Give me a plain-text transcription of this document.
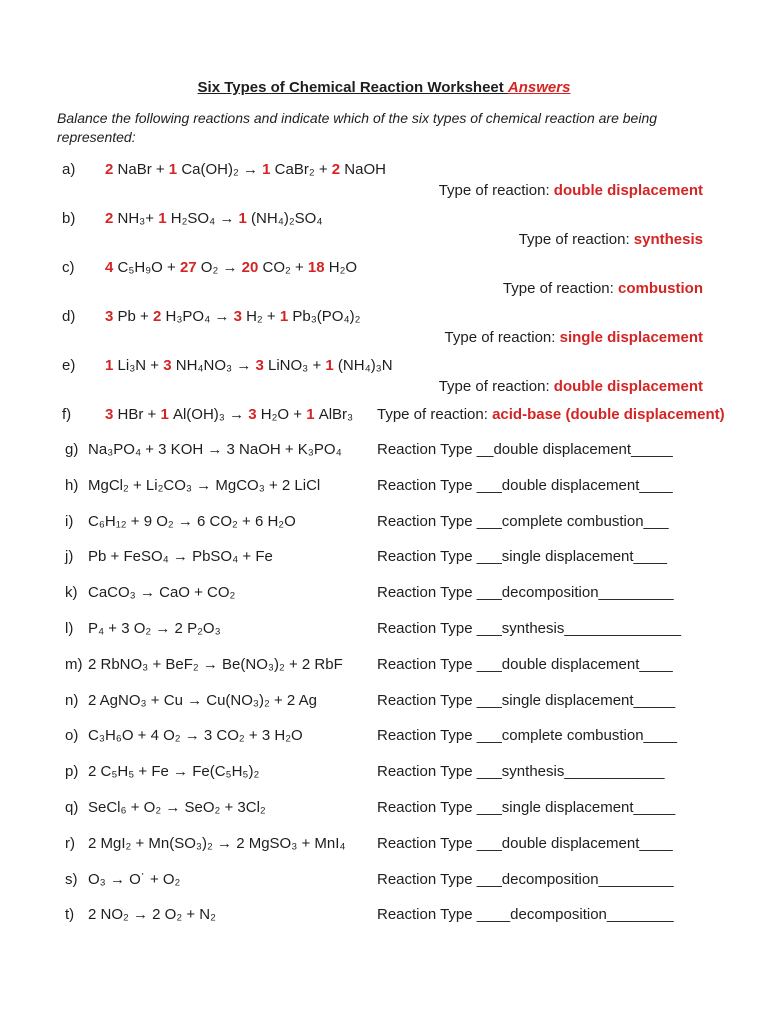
Six Types of Chemical Reaction Worksheet Answers
Balance the following reactions and indicate which of the six types of chemical reaction are being
represented:
a) 2 NaBr + 1 Ca(OH)₂ → 1 CaBr₂ + 2 NaOH
Type of reaction: double displacement
b) 2 NH₃+ 1 H₂SO₄ → 1 (NH₄)₂SO₄
Type of reaction: synthesis
c) 4 C₅H₉O + 27 O₂ → 20 CO₂ + 18 H₂O
Type of reaction: combustion
d) 3 Pb + 2 H₃PO₄ → 3 H₂ + 1 Pb₃(PO₄)₂
Type of reaction: single displacement
e) 1 Li₃N + 3 NH₄NO₃ → 3 LiNO₃ + 1 (NH₄)₃N
Type of reaction: double displacement
f) 3 HBr + 1 Al(OH)₃ → 3 H₂O + 1 AlBr₃ Type of reaction: acid-base (double displacement)
g) Na₃PO₄ + 3 KOH → 3 NaOH + K₃PO₄ Reaction Type __double displacement_____
h) MgCl₂ + Li₂CO₃ → MgCO₃ + 2 LiCl	Reaction Type ___double displacement____
i) C₆H₁₂ + 9 O₂ → 6 CO₂ + 6 H₂O	Reaction Type ___complete combustion___
j) Pb + FeSO₄ → PbSO₄ + Fe	Reaction Type ___single displacement____
k) CaCO₃ → CaO + CO₂	Reaction Type ___decomposition_________
l) P₄ + 3 O₂ → 2 P₂O₃	Reaction Type ___synthesis______________
m) 2 RbNO₃ + BeF₂ → Be(NO₃)₂ + 2 RbF Reaction Type ___double displacement____
n) 2 AgNO₃ + Cu → Cu(NO₃)₂ + 2 Ag	Reaction Type ___single displacement_____
o) C₃H₆O + 4 O₂ → 3 CO₂ + 3 H₂O	Reaction Type ___complete combustion____
p) 2 C₅H₅ + Fe → Fe(C₅H₅)₂	Reaction Type ___synthesis____________
q) SeCl₆ + O₂ → SeO₂ + 3Cl₂	Reaction Type ___single displacement_____
r) 2 MgI₂ + Mn(SO₃)₂ → 2 MgSO₃ + MnI₄ Reaction Type ___double displacement____
s) O₃ → O˙ + O₂	Reaction Type ___decomposition_________
t) 2 NO₂ → 2 O₂ + N₂	Reaction Type ____decomposition________
